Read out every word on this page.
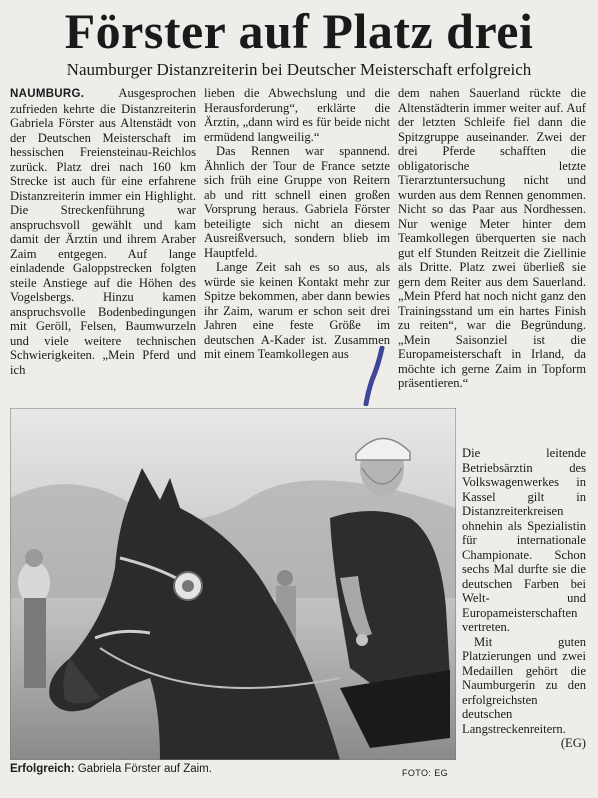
Förster auf Platz drei
Naumburger Distanzreiterin bei Deutscher Meisterschaft erfolgreich

NAUMBURG.	Ausgesprochen zufrieden kehrte die Distanzreiterin Gabriela Förster aus Altenstädt von der Deutschen Meisterschaft im hessischen Freiensteinau-Reichlos zurück. Platz drei nach 160 km Strecke ist auch für eine erfahrene Distanzreiterin immer ein Highlight. Die Streckenführung war anspruchsvoll gewählt und kam damit der Ärztin und ihrem Araber Zaim entgegen. Auf lange einladende Galoppstrecken folgten steile Anstiege auf die Höhen des Vogelsbergs. Hinzu kamen anspruchsvolle Bodenbedingungen mit Geröll, Felsen, Baumwurzeln und viele weitere technischen Schwierigkeiten. „Mein Pferd und ich

lieben die Abwechslung und die Herausforderung“, erklärte die Ärztin, „dann wird es für beide nicht ermüdend langweilig.“

Das Rennen war spannend. Ähnlich der Tour de France setzte sich früh eine Gruppe von Reitern ab und ritt schnell einen großen Vorsprung heraus. Gabriela Förster beteiligte sich nicht an diesem Ausreißversuch, sondern blieb im Hauptfeld.

Lange Zeit sah es so aus, als würde sie keinen Kontakt mehr zur Spitze bekommen, aber dann bewies ihr Zaim, warum er schon seit drei Jahren eine feste Größe im deutschen A-Kader ist. Zusammen mit einem Teamkollegen aus

dem nahen Sauerland rückte die Altenstädterin immer weiter auf. Auf der letzten Schleife fiel dann die Spitzgruppe auseinander. Zwei der drei Pferde schafften die obligatorische letzte Tierarztuntersuchung nicht und wurden aus dem Rennen genommen. Nicht so das Paar aus Nordhessen. Nur wenige Meter hinter dem Teamkollegen überquerten sie nach gut elf Stunden Reitzeit die Ziellinie als Dritte. Platz zwei überließ sie gern dem Reiter aus dem Sauerland. „Mein Pferd hat noch nicht ganz den Trainingsstand um ein hartes Finish zu reiten“, war die Begründung. „Mein Saisonziel ist die Europameisterschaft in Irland, da möchte ich gerne Zaim in Topform präsentieren.“

Die leitende Betriebsärztin des Volkswagenwerkes in Kassel gilt in Distanzreiterkreisen ohnehin als Spezialistin für internationale Championate. Schon sechs Mal durfte sie die deutschen Farben bei Welt- und Europameisterschaften vertreten.

Mit guten Platzierungen und zwei Medaillen gehört die Naumburgerin zu den erfolgreichsten deutschen Langstreckenreitern.

(EG)

Erfolgreich: Gabriela Förster auf Zaim.	FOTO: EG
